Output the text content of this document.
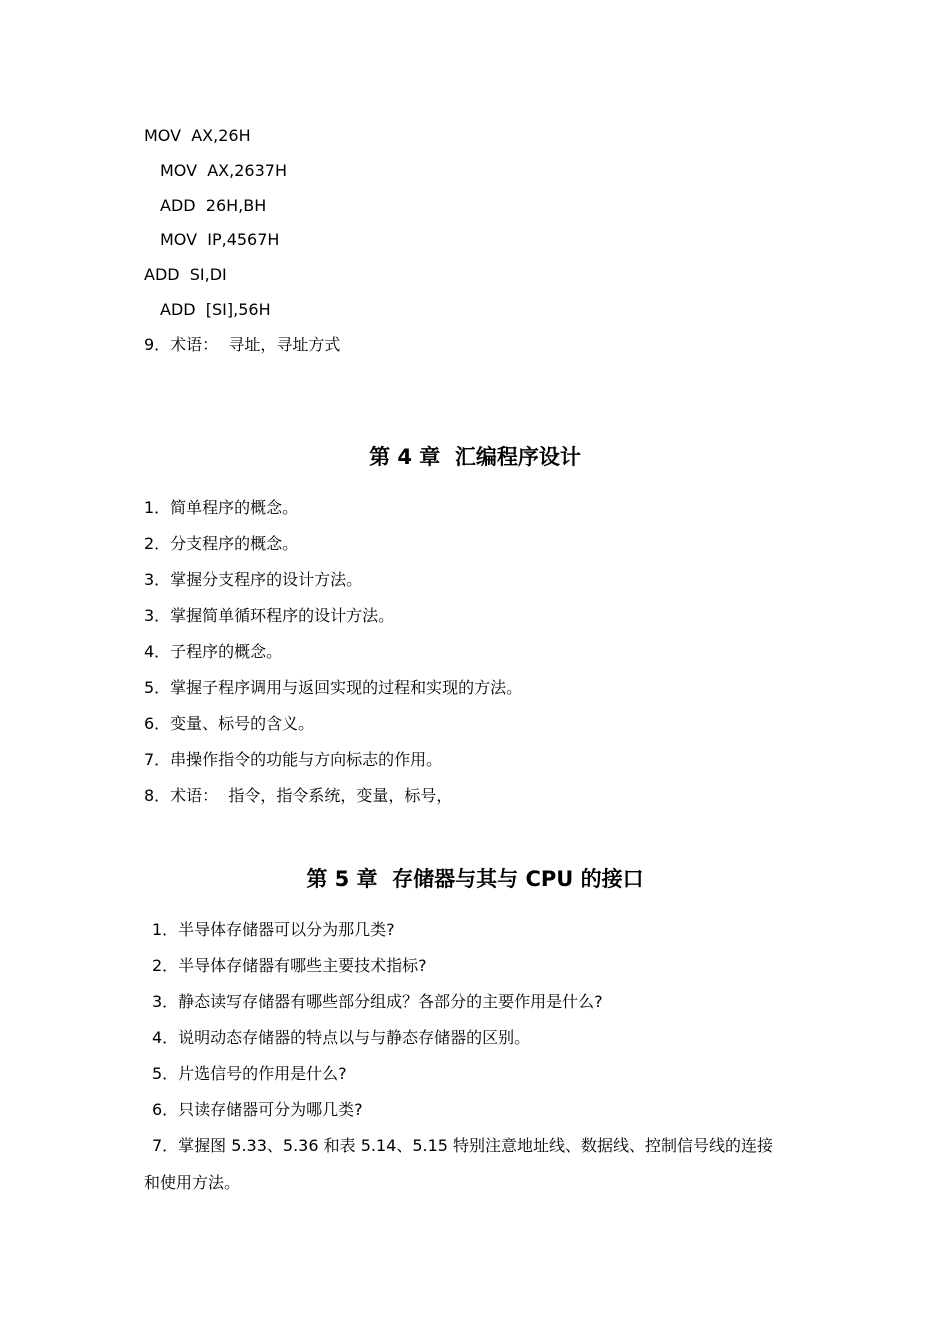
MOV  AX,26H
MOV  AX,2637H
ADD  26H,BH
MOV  IP,4567H
ADD  SI,DI
ADD  [SI],56H
9．术语：  寻址，寻址方式
第 4 章  汇编程序设计
1．简单程序的概念。
2．分支程序的概念。
3．掌握分支程序的设计方法。
3．掌握简单循环程序的设计方法。
4．子程序的概念。
5．掌握子程序调用与返回实现的过程和实现的方法。
6．变量、标号的含义。
7．串操作指令的功能与方向标志的作用。
8．术语：  指令，指令系统，变量，标号，
第 5 章  存储器与其与 CPU 的接口
1．半导体存储器可以分为那几类?
2．半导体存储器有哪些主要技术指标?
3．静态读写存储器有哪些部分组成？各部分的主要作用是什么?
4．说明动态存储器的特点以与与静态存储器的区别。
5．片选信号的作用是什么?
6．只读存储器可分为哪几类?
7．掌握图 5.33、5.36 和表 5.14、5.15 特别注意地址线、数据线、控制信号线的连接
和使用方法。
